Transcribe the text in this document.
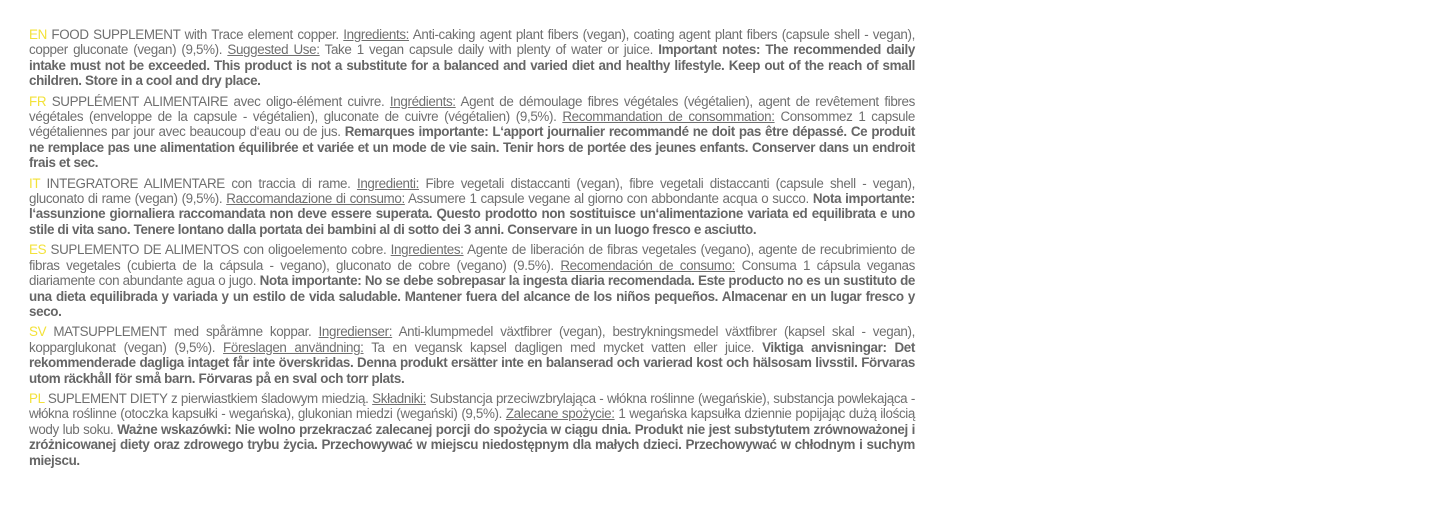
EN FOOD SUPPLEMENT with Trace element copper. Ingredients: Anti-caking agent plant fibers (vegan), coating agent plant fibers (capsule shell - vegan), copper gluconate (vegan) (9,5%). Suggested Use: Take 1 vegan capsule daily with plenty of water or juice. Important notes: The recommended daily intake must not be exceeded. This product is not a substitute for a balanced and varied diet and healthy lifestyle. Keep out of the reach of small children. Store in a cool and dry place.

FR SUPPLÉMENT ALIMENTAIRE avec oligo-élément cuivre. Ingrédients: Agent de démoulage fibres végétales (végétalien), agent de revêtement fibres végétales (enveloppe de la capsule - végétalien), gluconate de cuivre (végétalien) (9,5%). Recommandation de consommation: Consommez 1 capsule végétaliennes par jour avec beaucoup d‘eau ou de jus. Remarques importante: L‘apport journalier recommandé ne doit pas être dépassé. Ce produit ne remplace pas une alimentation équilibrée et variée et un mode de vie sain. Tenir hors de portée des jeunes enfants. Conserver dans un endroit frais et sec.

IT INTEGRATORE ALIMENTARE con traccia di rame. Ingredienti: Fibre vegetali distaccanti (vegan), fibre vegetali distaccanti (capsule shell - vegan), gluconato di rame (vegan) (9,5%). Raccomandazione di consumo: Assumere 1 capsule vegane al giorno con abbondante acqua o succo. Nota importante: l‘assunzione giornaliera raccomandata non deve essere superata. Questo prodotto non sostituisce un‘alimentazione variata ed equilibrata e uno stile di vita sano. Tenere lontano dalla portata dei bambini al di sotto dei 3 anni. Conservare in un luogo fresco e asciutto.

ES SUPLEMENTO DE ALIMENTOS con oligoelemento cobre. Ingredientes: Agente de liberación de fibras vegetales (vegano), agente de recubrimiento de fibras vegetales (cubierta de la cápsula - vegano), gluconato de cobre (vegano) (9.5%). Recomendación de consumo: Consuma 1 cápsula veganas diariamente con abundante agua o jugo. Nota importante: No se debe sobrepasar la ingesta diaria recomendada. Este producto no es un sustituto de una dieta equilibrada y variada y un estilo de vida saludable. Mantener fuera del alcance de los niños pequeños. Almacenar en un lugar fresco y seco.

SV MATSUPPLEMENT med spårämne koppar. Ingredienser: Anti-klumpmedel växtfibrer (vegan), bestrykningsmedel växtfibrer (kapsel skal - vegan), kopparglukonat (vegan) (9,5%). Föreslagen användning: Ta en vegansk kapsel dagligen med mycket vatten eller juice. Viktiga anvisningar: Det rekommenderade dagliga intaget får inte överskridas. Denna produkt ersätter inte en balanserad och varierad kost och hälsosam livsstil. Förvaras utom räckhåll för små barn. Förvaras på en sval och torr plats.

PL SUPLEMENT DIETY z pierwiastkiem śladowym miedzią. Składniki: Substancja przeciwzbrylająca - włókna roślinne (wegańskie), substancja powlekająca - włókna roślinne (otoczka kapsułki - wegańska), glukonian miedzi (wegański) (9,5%). Zalecane spożycie: 1 wegańska kapsułka dziennie popijając dużą ilością wody lub soku. Ważne wskazówki: Nie wolno przekraczać zalecanej porcji do spożycia w ciągu dnia. Produkt nie jest substytutem zrównoważonej i zróżnicowanej diety oraz zdrowego trybu życia. Przechowywać w miejscu niedostępnym dla małych dzieci. Przechowywać w chłodnym i suchym miejscu.
